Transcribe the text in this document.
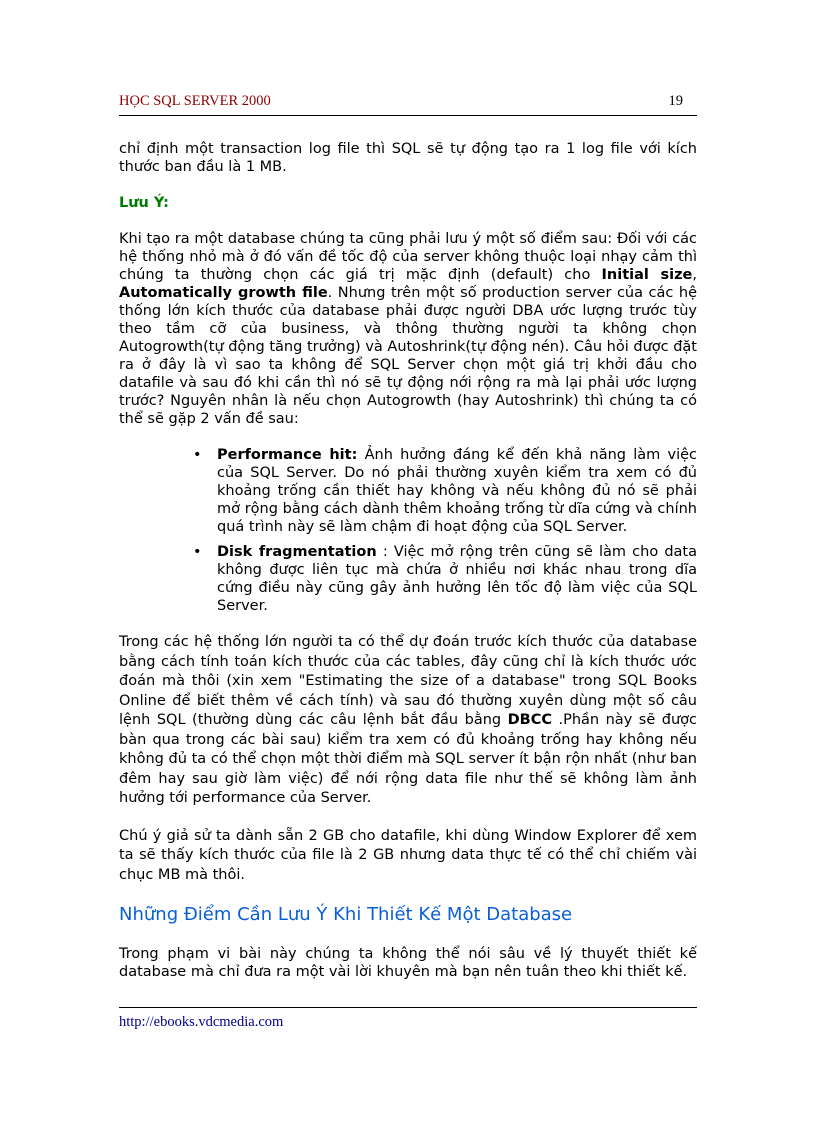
HỌC SQL SERVER 2000	19

chỉ định một transaction log file thì SQL sẽ tự động tạo ra 1 log file với kích thước ban đầu là 1 MB.

Lưu Ý:

Khi tạo ra một database chúng ta cũng phải lưu ý một số điểm sau: Đối với các hệ thống nhỏ mà ở đó vấn đề tốc độ của server không thuộc loại nhạy cảm thì chúng ta thường chọn các giá trị mặc định (default) cho Initial size, Automatically growth file. Nhưng trên một số production server của các hệ thống lớn kích thước của database phải được người DBA ước lượng trước tùy theo tầm cỡ của business, và thông thường người ta không chọn Autogrowth(tự động tăng trưởng) và Autoshrink(tự động nén). Câu hỏi được đặt ra ở đây là vì sao ta không để SQL Server chọn một giá trị khởi đầu cho datafile và sau đó khi cần thì nó sẽ tự động nới rộng ra mà lại phải ước lượng trước? Nguyên nhân là nếu chọn Autogrowth (hay Autoshrink) thì chúng ta có thể sẽ gặp 2 vấn đề sau:

• Performance hit: Ảnh hưởng đáng kể đến khả năng làm việc của SQL Server. Do nó phải thường xuyên kiểm tra xem có đủ khoảng trống cần thiết hay không và nếu không đủ nó sẽ phải mở rộng bằng cách dành thêm khoảng trống từ dĩa cứng và chính quá trình này sẽ làm chậm đi hoạt động của SQL Server.
• Disk fragmentation : Việc mở rộng trên cũng sẽ làm cho data không được liên tục mà chứa ở nhiều nơi khác nhau trong dĩa cứng điều này cũng gây ảnh hưởng lên tốc độ làm việc của SQL Server.

Trong các hệ thống lớn người ta có thể dự đoán trước kích thước của database bằng cách tính toán kích thước của các tables, đây cũng chỉ là kích thước ước đoán mà thôi (xin xem "Estimating the size of a database" trong SQL Books Online để biết thêm về cách tính) và sau đó thường xuyên dùng một số câu lệnh SQL (thường dùng các câu lệnh bắt đầu bằng DBCC .Phần này sẽ được bàn qua trong các bài sau) kiểm tra xem có đủ khoảng trống hay không nếu không đủ ta có thể chọn một thời điểm mà SQL server ít bận rộn nhất (như ban đêm hay sau giờ làm việc) để nới rộng data file như thế sẽ không làm ảnh hưởng tới performance của Server.

Chú ý giả sử ta dành sẵn 2 GB cho datafile, khi dùng Window Explorer để xem ta sẽ thấy kích thước của file là 2 GB nhưng data thực tế có thể chỉ chiếm vài chục MB mà thôi.

Những Điểm Cần Lưu Ý Khi Thiết Kế Một Database

Trong phạm vi bài này chúng ta không thể nói sâu về lý thuyết thiết kế database mà chỉ đưa ra một vài lời khuyên mà bạn nên tuân theo khi thiết kế.

http://ebooks.vdcmedia.com
